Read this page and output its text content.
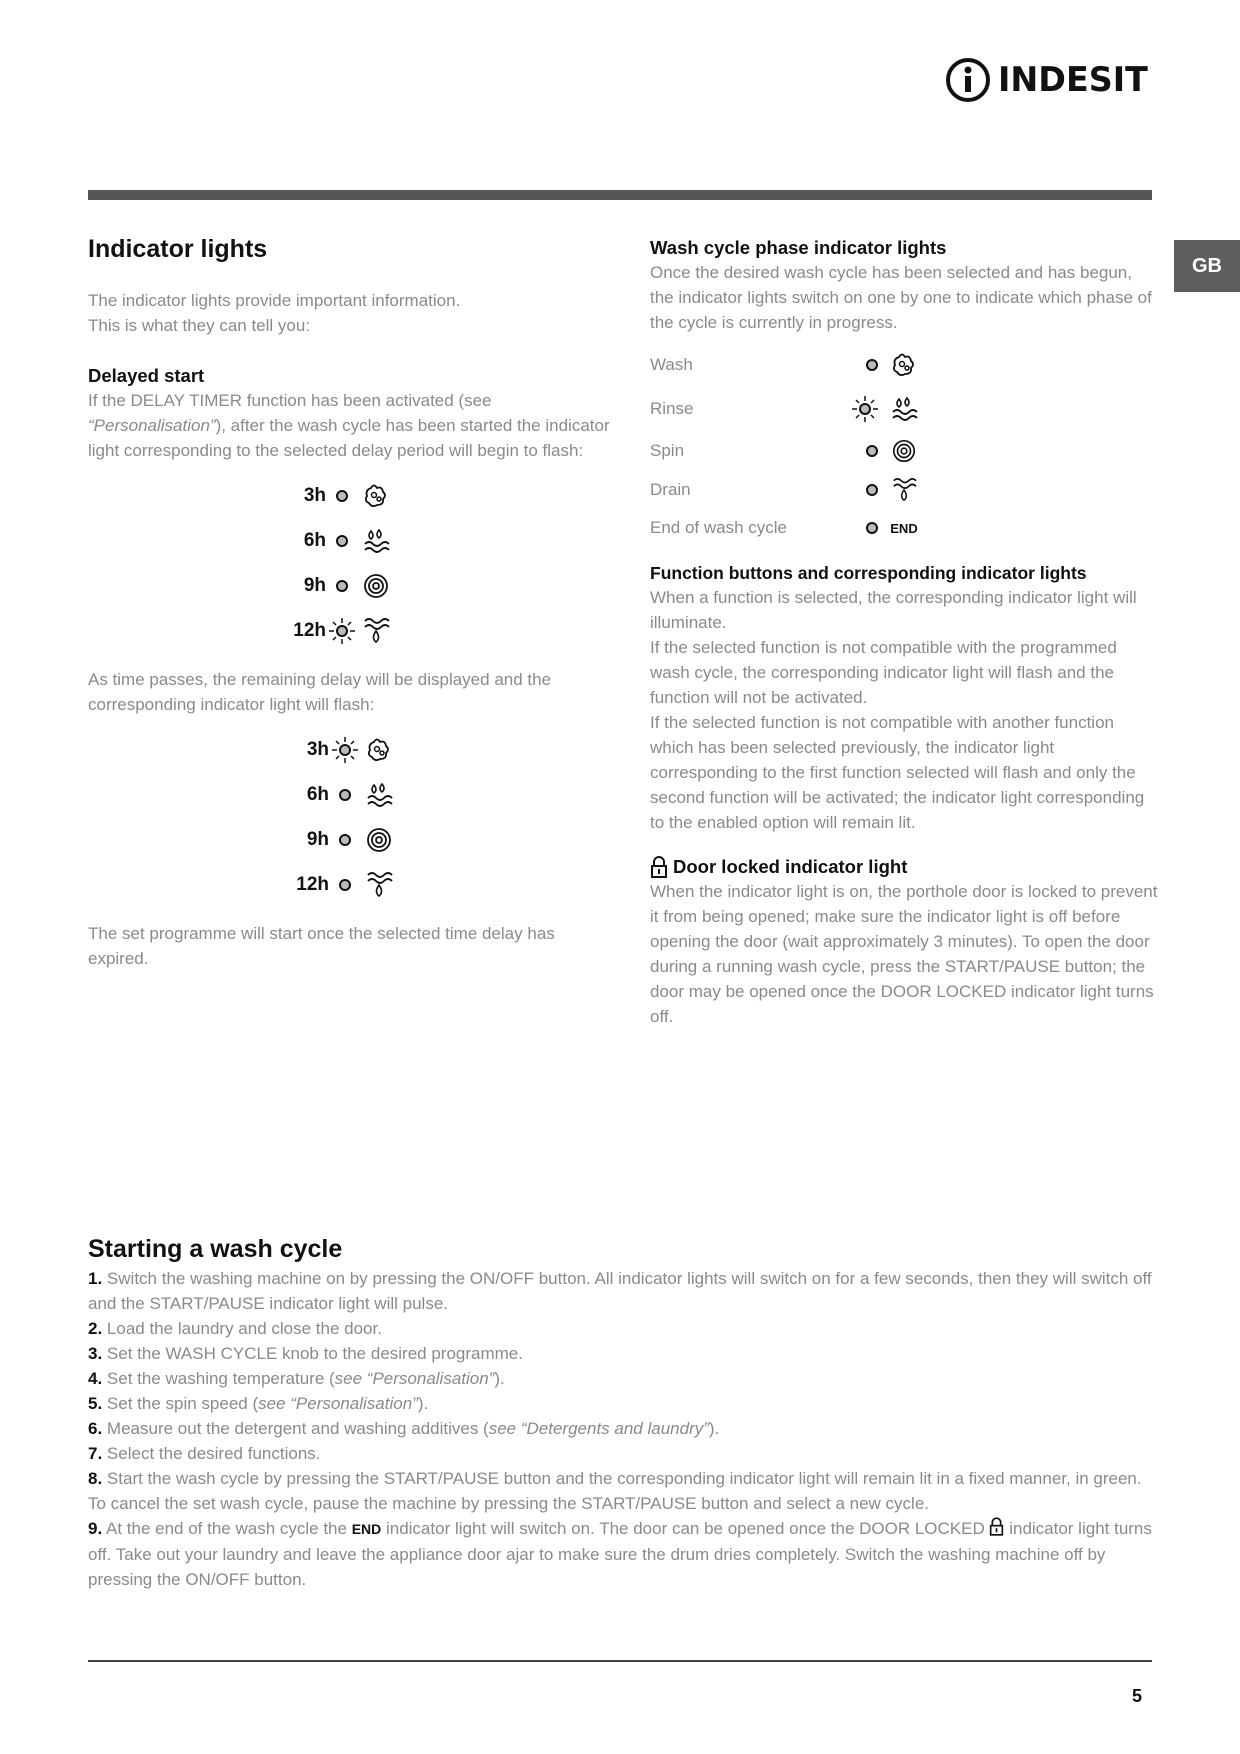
INDESIT
GB
Indicator lights

The indicator lights provide important information.

This is what they can tell you:

Delayed start

If the DELAY TIMER function has been activated (see “Personalisation”), after the wash cycle has been started the indicator light corresponding to the selected delay period will begin to flash:

3h
6h
9h
12h

As time passes, the remaining delay will be displayed and the corresponding indicator light will flash:

3h
6h
9h
12h

The set programme will start once the selected time delay has expired.

Wash cycle phase indicator lights

Once the desired wash cycle has been selected and has begun, the indicator lights switch on one by one to indicate which phase of the cycle is currently in progress.

Wash
Rinse
Spin
Drain
End of wash cycle	END
Function buttons and corresponding indicator lights

When a function is selected, the corresponding indicator light will illuminate.

If the selected function is not compatible with the programmed wash cycle, the corresponding indicator light will flash and the function will not be activated.

If the selected function is not compatible with another function which has been selected previously, the indicator light corresponding to the first function selected will flash and only the second function will be activated; the indicator light corresponding to the enabled option will remain lit.

Door locked indicator light

When the indicator light is on, the porthole door is locked to prevent it from being opened; make sure the indicator light is off before opening the door (wait approximately 3 minutes). To open the door during a running wash cycle, press the START/PAUSE button; the door may be opened once the DOOR LOCKED indicator light turns off.

Starting a wash cycle

1. Switch the washing machine on by pressing the ON/OFF button. All indicator lights will switch on for a few seconds, then they will switch off and the START/PAUSE indicator light will pulse.

2. Load the laundry and close the door.

3. Set the WASH CYCLE knob to the desired programme.

4. Set the washing temperature (see “Personalisation”).

5. Set the spin speed (see “Personalisation”).

6. Measure out the detergent and washing additives (see “Detergents and laundry”).

7. Select the desired functions.

8. Start the wash cycle by pressing the START/PAUSE button and the corresponding indicator light will remain lit in a fixed manner, in green.

To cancel the set wash cycle, pause the machine by pressing the START/PAUSE button and select a new cycle.

9. At the end of the wash cycle the END indicator light will switch on. The door can be opened once the DOOR LOCKED  indicator light turns off. Take out your laundry and leave the appliance door ajar to make sure the drum dries completely. Switch the washing machine off by pressing the ON/OFF button.

5
